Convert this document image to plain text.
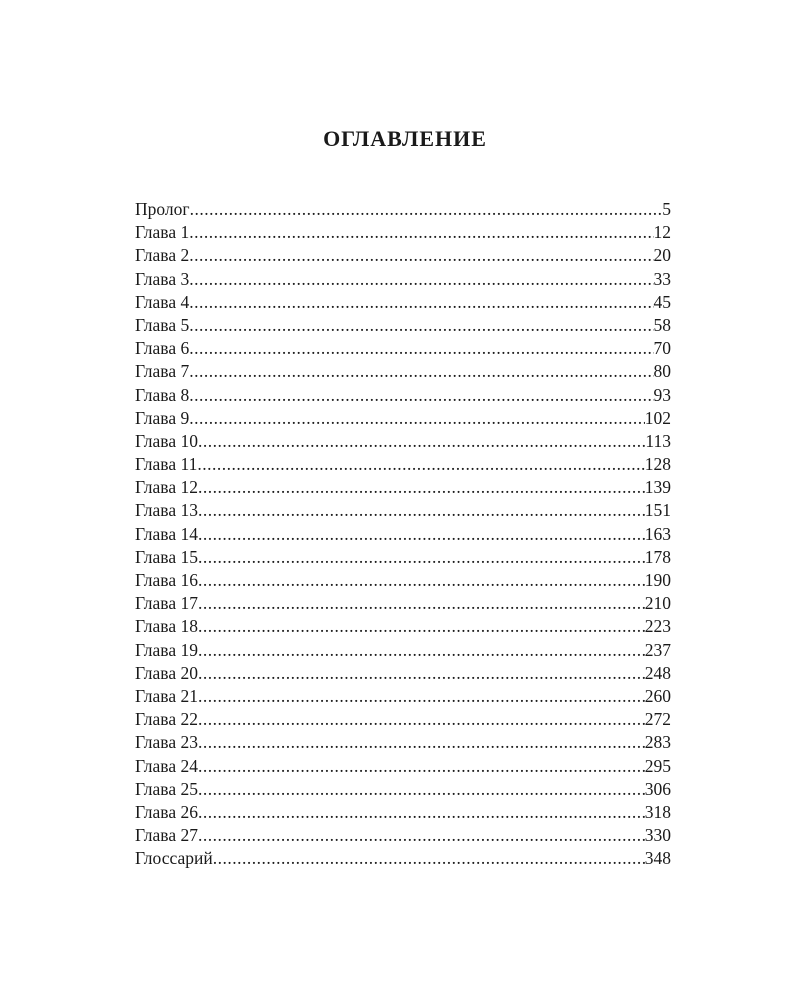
ОГЛАВЛЕНИЕ
Пролог .....	5
Глава 1 .....	12
Глава 2 .....	20
Глава 3 .....	33
Глава 4 .....	45
Глава 5 .....	58
Глава 6 .....	70
Глава 7 .....	80
Глава 8 .....	93
Глава 9 .....	102
Глава 10 .....	113
Глава 11 .....	128
Глава 12 .....	139
Глава 13 .....	151
Глава 14 .....	163
Глава 15 .....	178
Глава 16 .....	190
Глава 17 .....	210
Глава 18 .....	223
Глава 19 .....	237
Глава 20 .....	248
Глава 21 .....	260
Глава 22 .....	272
Глава 23 .....	283
Глава 24 .....	295
Глава 25 .....	306
Глава 26 .....	318
Глава 27 .....	330
Глоссарий .....	348
